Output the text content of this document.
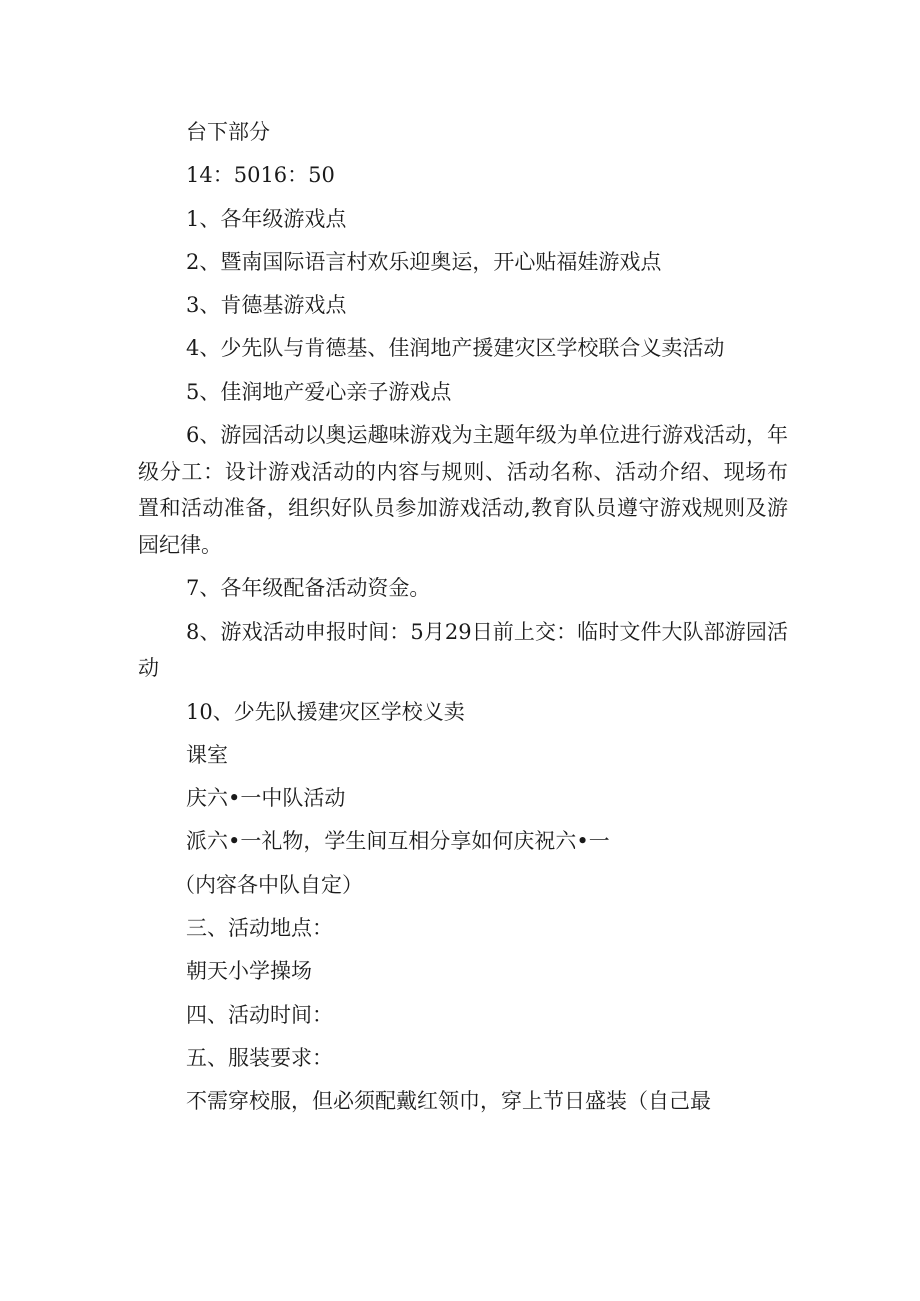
台下部分

14：5016：50

1、各年级游戏点

2、暨南国际语言村欢乐迎奥运，开心贴福娃游戏点

3、肯德基游戏点

4、少先队与肯德基、佳润地产援建灾区学校联合义卖活动

5、佳润地产爱心亲子游戏点

6、游园活动以奥运趣味游戏为主题年级为单位进行游戏活动，年级分工：设计游戏活动的内容与规则、活动名称、活动介绍、现场布置和活动准备，组织好队员参加游戏活动,教育队员遵守游戏规则及游园纪律。

7、各年级配备活动资金。

8、游戏活动申报时间：5月29日前上交：临时文件大队部游园活动

10、少先队援建灾区学校义卖

课室

庆六•一中队活动

派六•一礼物，学生间互相分享如何庆祝六•一

（内容各中队自定）

三、活动地点：

朝天小学操场

四、活动时间：

五、服装要求：

不需穿校服，但必须配戴红领巾，穿上节日盛装（自己最
